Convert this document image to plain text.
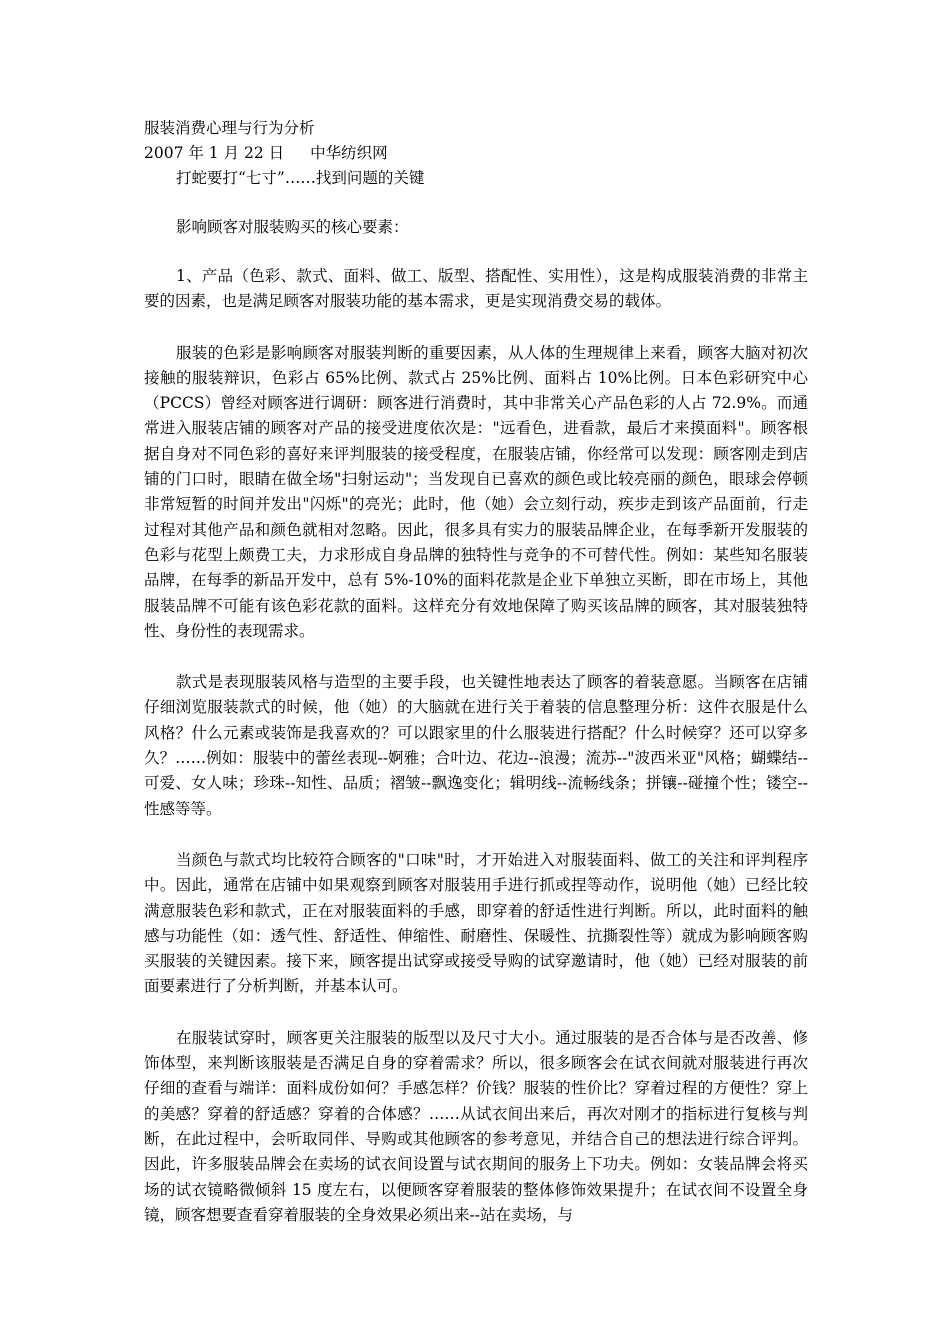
服装消费心理与行为分析

2007 年 1 月 22 日 中华纺织网

打蛇要打“七寸”……找到问题的关键

影响顾客对服装购买的核心要素：

1、产品（色彩、款式、面料、做工、版型、搭配性、实用性），这是构成服装消费的非常主要的因素，也是满足顾客对服装功能的基本需求，更是实现消费交易的载体。

服装的色彩是影响顾客对服装判断的重要因素，从人体的生理规律上来看，顾客大脑对初次接触的服装辩识，色彩占 65%比例、款式占 25%比例、面料占 10%比例。日本色彩研究中心（PCCS）曾经对顾客进行调研：顾客进行消费时，其中非常关心产品色彩的人占 72.9%。而通常进入服装店铺的顾客对产品的接受进度依次是："远看色，进看款，最后才来摸面料"。顾客根据自身对不同色彩的喜好来评判服装的接受程度，在服装店铺，你经常可以发现：顾客刚走到店铺的门口时，眼睛在做全场"扫射运动"；当发现自已喜欢的颜色或比较亮丽的颜色，眼球会停顿非常短暂的时间并发出"闪烁"的亮光；此时，他（她）会立刻行动，疾步走到该产品面前，行走过程对其他产品和颜色就相对忽略。因此，很多具有实力的服装品牌企业，在每季新开发服装的色彩与花型上颇费工夫，力求形成自身品牌的独特性与竞争的不可替代性。例如：某些知名服装品牌，在每季的新品开发中，总有 5%-10%的面料花款是企业下单独立买断，即在市场上，其他服装品牌不可能有该色彩花款的面料。这样充分有效地保障了购买该品牌的顾客，其对服装独特性、身份性的表现需求。

款式是表现服装风格与造型的主要手段，也关键性地表达了顾客的着装意愿。当顾客在店铺仔细浏览服装款式的时候，他（她）的大脑就在进行关于着装的信息整理分析：这件衣服是什么风格？什么元素或装饰是我喜欢的？可以跟家里的什么服装进行搭配？什么时候穿？还可以穿多久？……例如：服装中的蕾丝表现--婀雅；合叶边、花边--浪漫；流苏--"波西米亚"风格；蝴蝶结--可爱、女人味；珍珠--知性、品质；褶皱--飘逸变化；辑明线--流畅线条；拼镶--碰撞个性；镂空--性感等等。

当颜色与款式均比较符合顾客的"口味"时，才开始进入对服装面料、做工的关注和评判程序中。因此，通常在店铺中如果观察到顾客对服装用手进行抓或捏等动作，说明他（她）已经比较满意服装色彩和款式，正在对服装面料的手感，即穿着的舒适性进行判断。所以，此时面料的触感与功能性（如：透气性、舒适性、伸缩性、耐磨性、保暖性、抗撕裂性等）就成为影响顾客购买服装的关键因素。接下来，顾客提出试穿或接受导购的试穿邀请时，他（她）已经对服装的前面要素进行了分析判断，并基本认可。

在服装试穿时，顾客更关注服装的版型以及尺寸大小。通过服装的是否合体与是否改善、修饰体型，来判断该服装是否满足自身的穿着需求？所以，很多顾客会在试衣间就对服装进行再次仔细的查看与端详：面料成份如何？手感怎样？价钱？服装的性价比？穿着过程的方便性？穿上的美感？穿着的舒适感？穿着的合体感？……从试衣间出来后，再次对刚才的指标进行复核与判断，在此过程中，会听取同伴、导购或其他顾客的参考意见，并结合自己的想法进行综合评判。因此，许多服装品牌会在卖场的试衣间设置与试衣期间的服务上下功夫。例如：女装品牌会将买场的试衣镜略微倾斜 15 度左右，以便顾客穿着服装的整体修饰效果提升；在试衣间不设置全身镜，顾客想要查看穿着服装的全身效果必须出来--站在卖场，与
